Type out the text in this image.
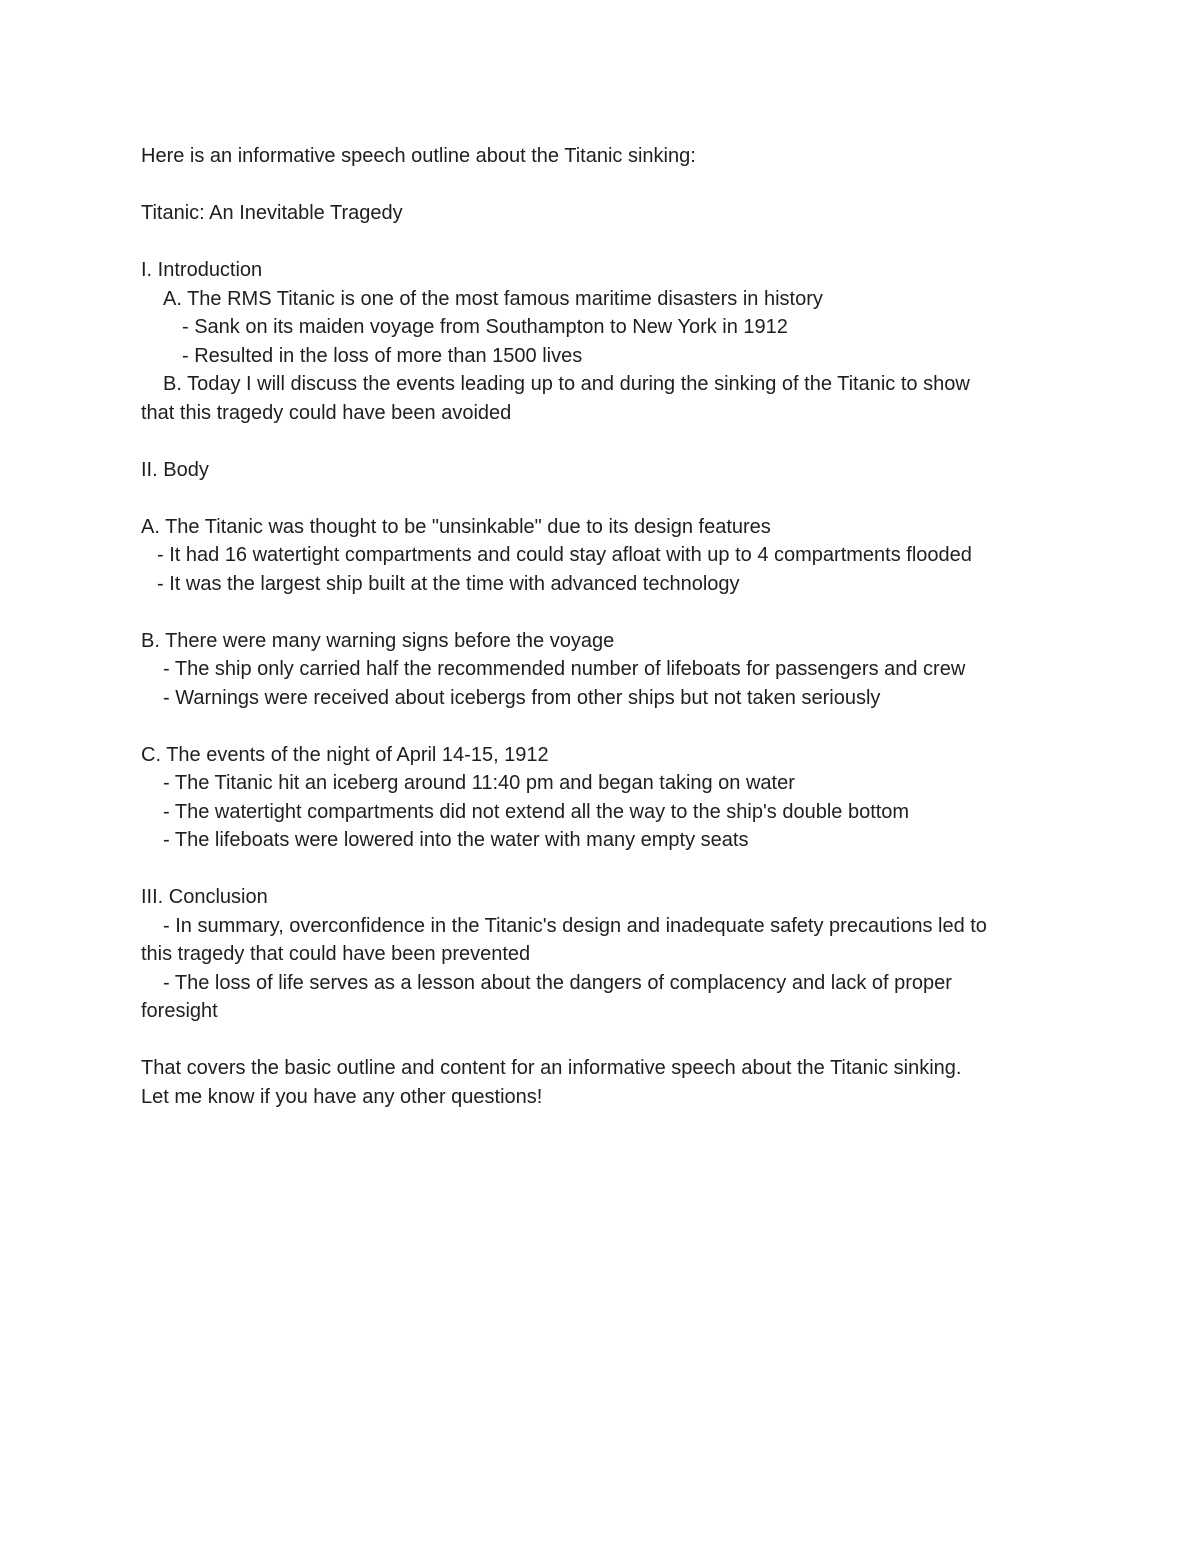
Here is an informative speech outline about the Titanic sinking:
Titanic: An Inevitable Tragedy
I. Introduction
A. The RMS Titanic is one of the most famous maritime disasters in history
- Sank on its maiden voyage from Southampton to New York in 1912
- Resulted in the loss of more than 1500 lives
B. Today I will discuss the events leading up to and during the sinking of the Titanic to show
that this tragedy could have been avoided
II. Body
A. The Titanic was thought to be "unsinkable" due to its design features
- It had 16 watertight compartments and could stay afloat with up to 4 compartments flooded
- It was the largest ship built at the time with advanced technology
B. There were many warning signs before the voyage
- The ship only carried half the recommended number of lifeboats for passengers and crew
- Warnings were received about icebergs from other ships but not taken seriously
C. The events of the night of April 14-15, 1912
- The Titanic hit an iceberg around 11:40 pm and began taking on water
- The watertight compartments did not extend all the way to the ship's double bottom
- The lifeboats were lowered into the water with many empty seats
III. Conclusion
- In summary, overconfidence in the Titanic's design and inadequate safety precautions led to
this tragedy that could have been prevented
- The loss of life serves as a lesson about the dangers of complacency and lack of proper
foresight
That covers the basic outline and content for an informative speech about the Titanic sinking.
Let me know if you have any other questions!
